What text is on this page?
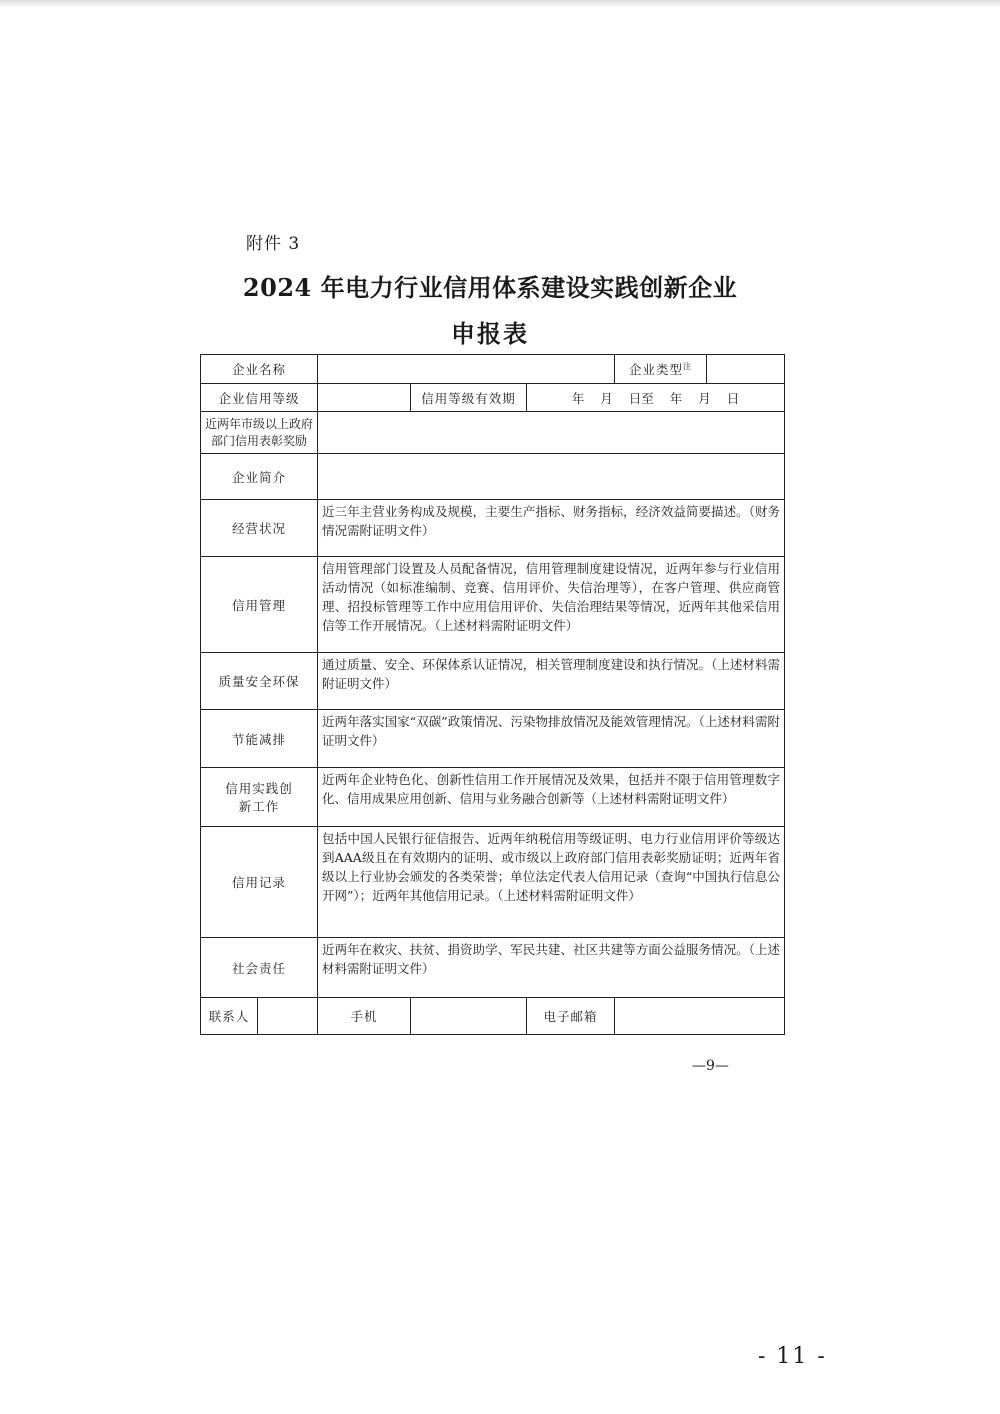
附件 3
2024 年电力行业信用体系建设实践创新企业
申报表
企业名称					企业类型$^注$	
企业信用等级			信用等级有效期	年 月 日至 年 月 日		
近两年市级以上政府部门信用表彰奖励						
企业简介						
经营状况		近三年主营业务构成及规模，主要生产指标、财务指标，经济效益简要描述。（财务情况需附证明文件）				
信用管理		信用管理部门设置及人员配备情况，信用管理制度建设情况，近两年参与行业信用活动情况（如标准编制、竞赛、信用评价、失信治理等），在客户管理、供应商管理、招投标管理等工作中应用信用评价、失信治理结果等情况，近两年其他采信用信等工作开展情况。（上述材料需附证明文件）				
质量安全环保		通过质量、安全、环保体系认证情况，相关管理制度建设和执行情况。（上述材料需附证明文件）				
节能减排		近两年落实国家“双碳”政策情况、污染物排放情况及能效管理情况。（上述材料需附证明文件）				
信用实践创新工作		近两年企业特色化、创新性信用工作开展情况及效果，包括并不限于信用管理数字化、信用成果应用创新、信用与业务融合创新等（上述材料需附证明文件）				
信用记录		包括中国人民银行征信报告、近两年纳税信用等级证明、电力行业信用评价等级达到AAA级且在有效期内的证明、或市级以上政府部门信用表彰奖励证明；近两年省级以上行业协会颁发的各类荣誉；单位法定代表人信用记录（查询“中国执行信息公开网”）；近两年其他信用记录。（上述材料需附证明文件）				
社会责任		近两年在救灾、扶贫、捐资助学、军民共建、社区共建等方面公益服务情况。（上述材料需附证明文件）				
联系人		手机		电子邮箱		
—9—
- 11 -
